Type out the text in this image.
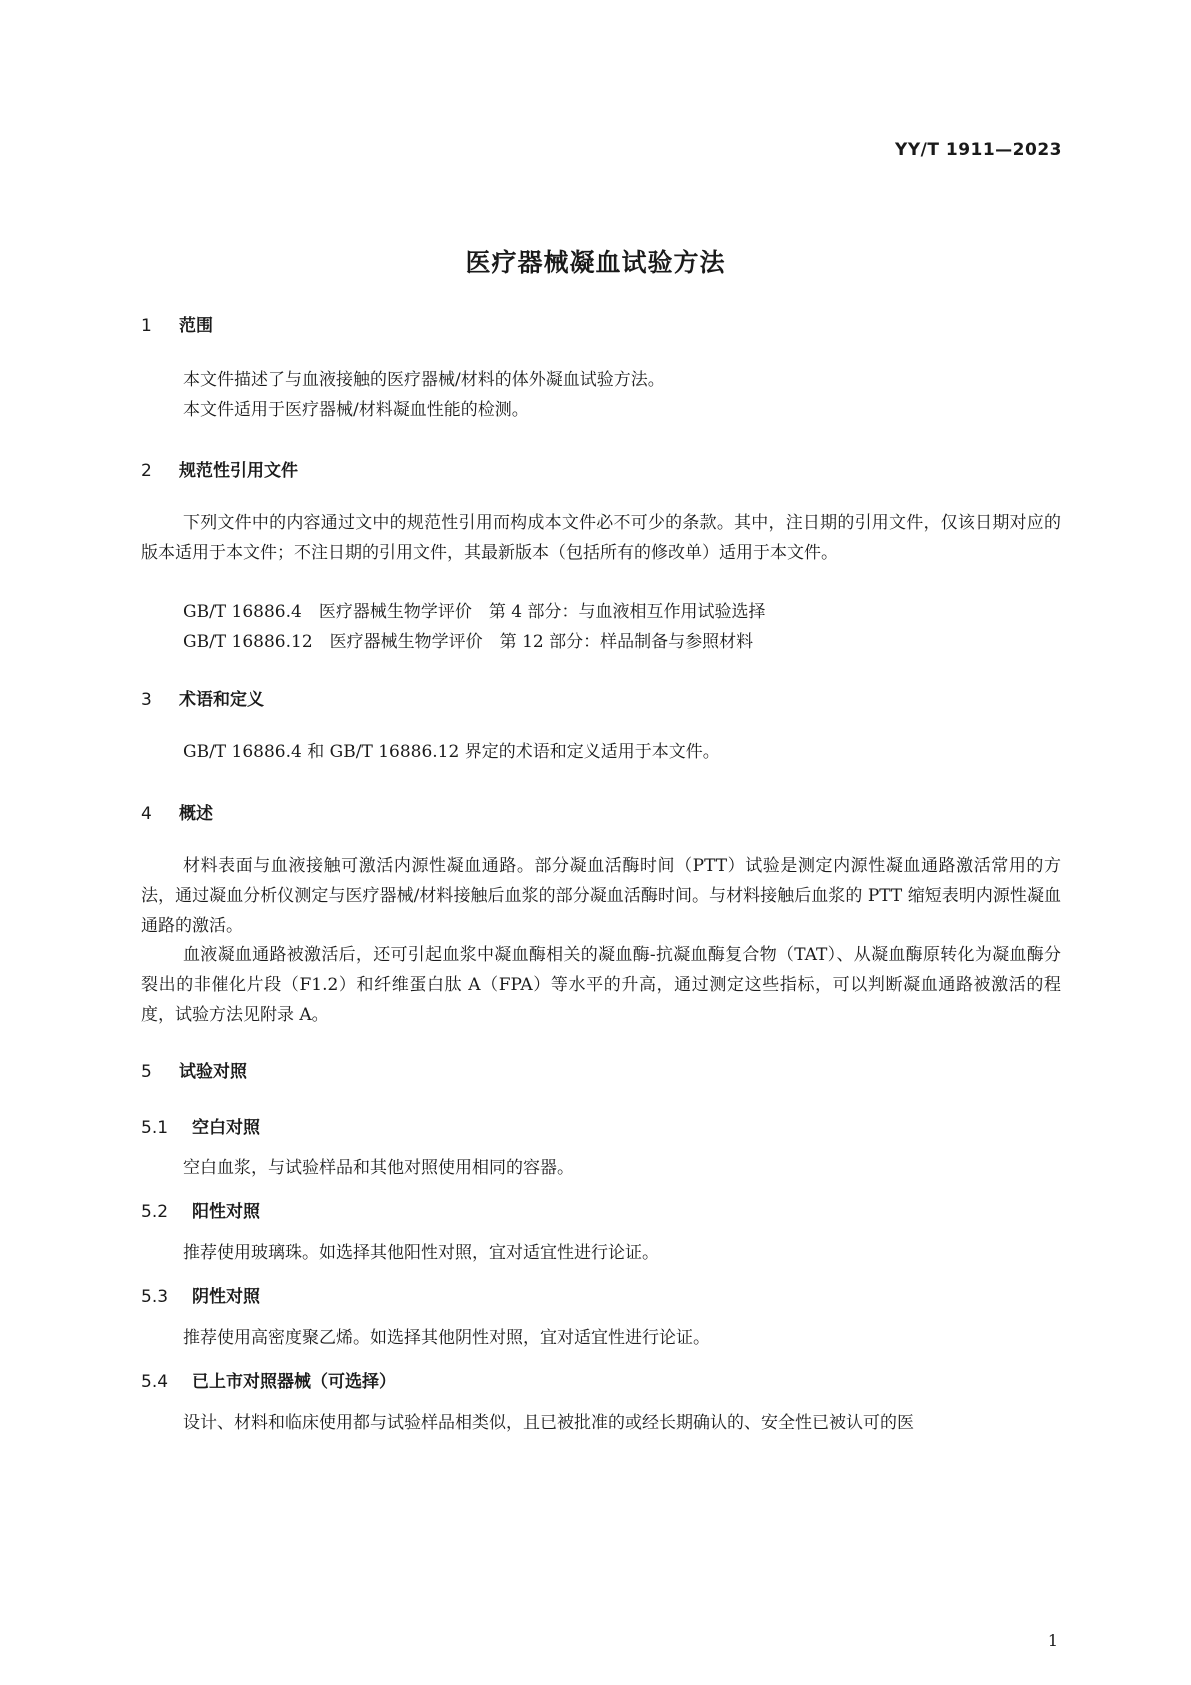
YY/T 1911—2023
医疗器械凝血试验方法
1 范围
本文件描述了与血液接触的医疗器械/材料的体外凝血试验方法。
本文件适用于医疗器械/材料凝血性能的检测。
2 规范性引用文件
下列文件中的内容通过文中的规范性引用而构成本文件必不可少的条款。其中，注日期的引用文件，仅该日期对应的版本适用于本文件；不注日期的引用文件，其最新版本（包括所有的修改单）适用于本文件。
GB/T 16886.4　 医疗器械生物学评价　第 4 部分：与血液相互作用试验选择
GB/T 16886.12　 医疗器械生物学评价　第 12 部分：样品制备与参照材料
3 术语和定义
GB/T 16886.4 和 GB/T 16886.12 界定的术语和定义适用于本文件。
4 概述
材料表面与血液接触可激活内源性凝血通路。部分凝血活酶时间（PTT）试验是测定内源性凝血通路激活常用的方法，通过凝血分析仪测定与医疗器械/材料接触后血浆的部分凝血活酶时间。与材料接触后血浆的 PTT 缩短表明内源性凝血通路的激活。
血液凝血通路被激活后，还可引起血浆中凝血酶相关的凝血酶-抗凝血酶复合物（TAT）、从凝血酶原转化为凝血酶分裂出的非催化片段（F1.2）和纤维蛋白肽 A（FPA）等水平的升高，通过测定这些指标，可以判断凝血通路被激活的程度，试验方法见附录 A。
5 试验对照
5.1 空白对照
空白血浆，与试验样品和其他对照使用相同的容器。
5.2 阳性对照
推荐使用玻璃珠。如选择其他阳性对照，宜对适宜性进行论证。
5.3 阴性对照
推荐使用高密度聚乙烯。如选择其他阴性对照，宜对适宜性进行论证。
5.4 已上市对照器械（可选择）
设计、材料和临床使用都与试验样品相类似，且已被批准的或经长期确认的、安全性已被认可的医
1
